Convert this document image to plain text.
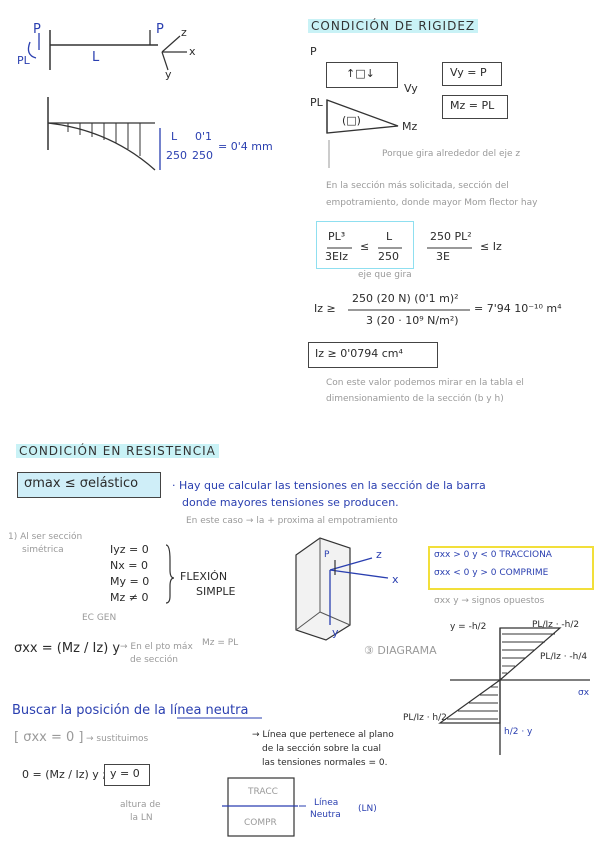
P
PL	L
P z
x
y
L
250
0'1
250
= 0'4 mm
CONDICIÓN DE RIGIDEZ
P
↑□↓
Vy
Vy = P
PL
(□)	Mz
Mz = PL
Porque gira alrededor del eje z
En la sección más solicitada, sección del
empotramiento, donde mayor Mom flector hay
PL³
3EIz
≤
L
250
250 PL²
3E
≤ Iz
eje que gira
Iz ≥
250 (20 N) (0'1 m)²
3 (20 · 10⁹ N/m²)
= 7'94 10⁻¹⁰ m⁴
Iz ≥ 0'0794 cm⁴
Con este valor podemos mirar en la tabla el
dimensionamiento de la sección (b y h)
CONDICIÓN EN RESISTENCIA
σmax ≤ σelástico	· Hay que calcular las tensiones en la sección de la barra
donde mayores tensiones se producen.
En este caso → la + proxima al empotramiento
1) Al ser sección
simétrica	Iyz = 0
Nx = 0
My = 0
Mz ≠ 0
FLEXIÓN
SIMPLE
EC GEN
σxx = (Mz / Iz) y → En el pto máx
de sección
Mz = PL
P	z
x
y
③ DIAGRAMA
σxx > 0 y < 0 TRACCIONA
σxx < 0 y > 0 COMPRIME
σxx y → signos opuestos
y = -h/2	PL/Iz · -h/2
PL/Iz · -h/4
PL/Iz · h/2
h/2 · y
σx
Buscar la posición de la línea neutra
[ σxx = 0 ] → sustituimos	→ Línea que pertenece al plano
de la sección sobre la cual
las tensiones normales = 0.
0 = (Mz / Iz) y ; y = 0
altura de
la LN
TRACC
COMPR
Línea
Neutra
(LN)
